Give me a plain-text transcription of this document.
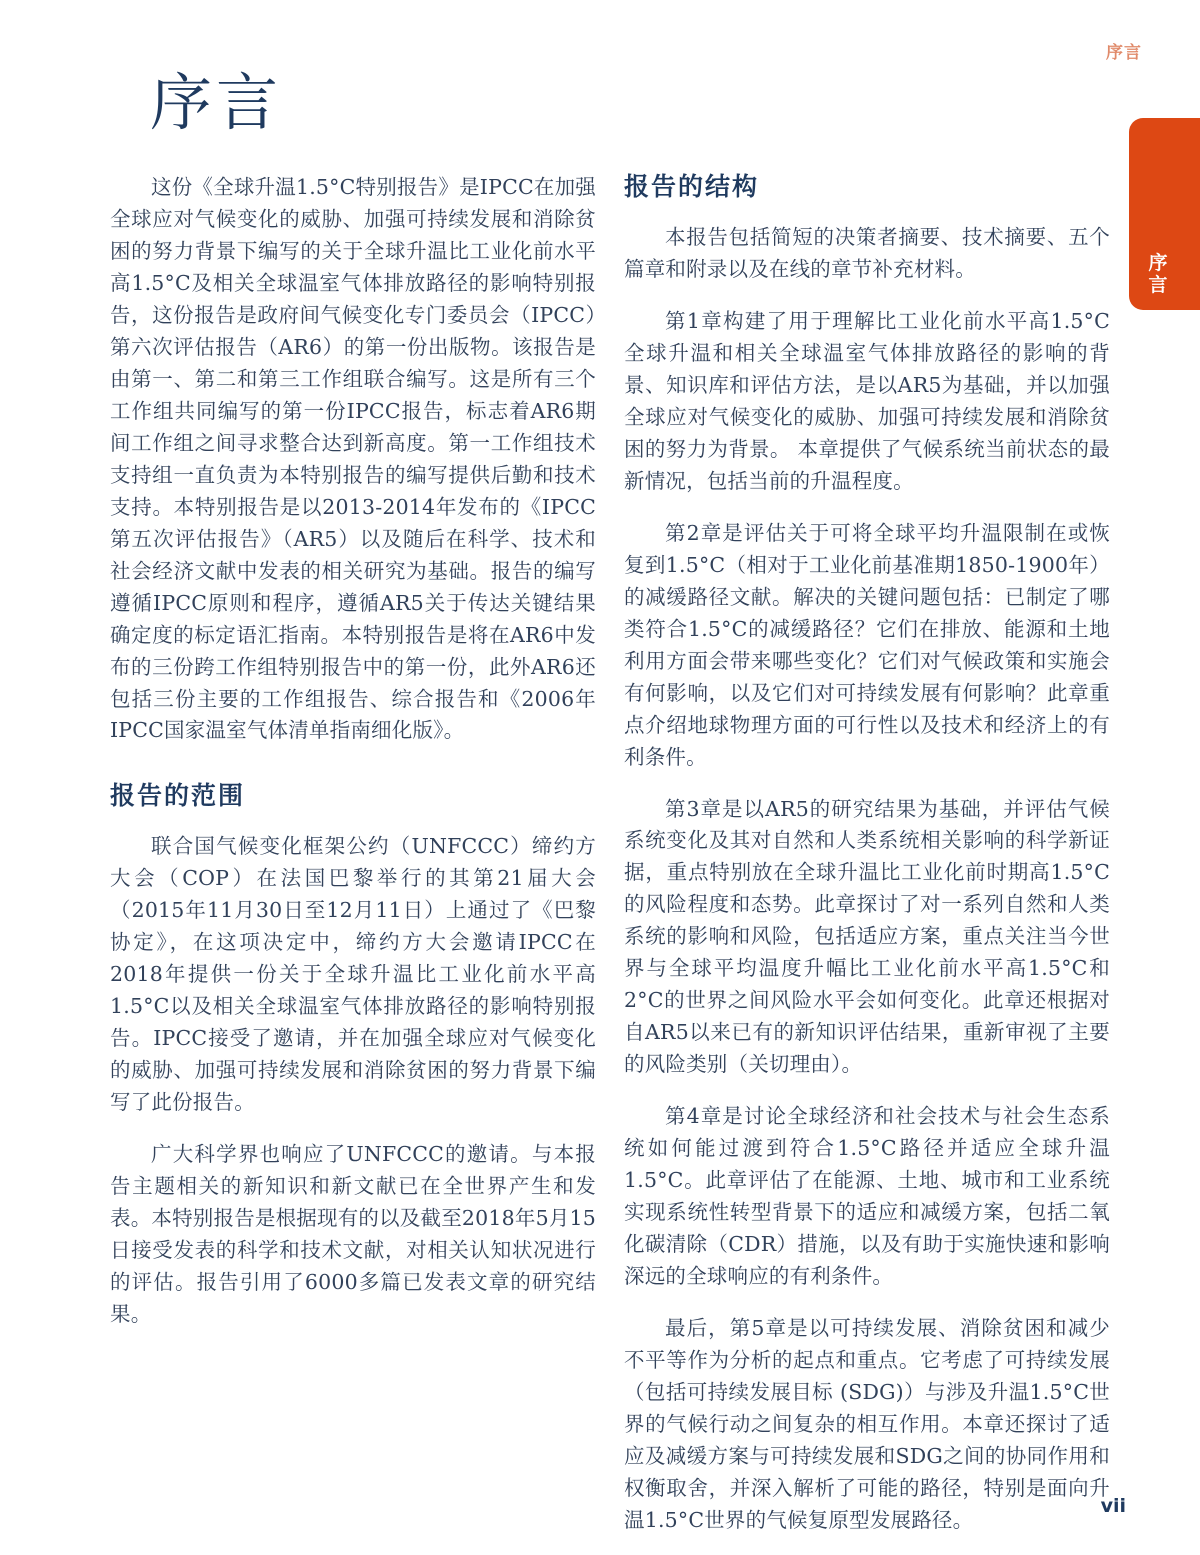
序言
序
言
序言

这份《全球升温1.5°C特别报告》是IPCC在加强全球应对气候变化的威胁、加强可持续发展和消除贫困的努力背景下编写的关于全球升温比工业化前水平高1.5°C及相关全球温室气体排放路径的影响特别报告，这份报告是政府间气候变化专门委员会（IPCC）第六次评估报告（AR6）的第一份出版物。该报告是由第一、第二和第三工作组联合编写。这是所有三个工作组共同编写的第一份IPCC报告，标志着AR6期间工作组之间寻求整合达到新高度。第一工作组技术支持组一直负责为本特别报告的编写提供后勤和技术支持。本特别报告是以2013-2014年发布的《IPCC第五次评估报告》（AR5）以及随后在科学、技术和社会经济文献中发表的相关研究为基础。报告的编写遵循IPCC原则和程序，遵循AR5关于传达关键结果确定度的标定语汇指南。本特别报告是将在AR6中发布的三份跨工作组特别报告中的第一份，此外AR6还包括三份主要的工作组报告、综合报告和《2006年IPCC国家温室气体清单指南细化版》。

报告的范围

联合国气候变化框架公约（UNFCCC）缔约方大会（COP）在法国巴黎举行的其第21届大会（2015年11月30日至12月11日）上通过了《巴黎协定》，在这项决定中，缔约方大会邀请IPCC在 2018年提供一份关于全球升温比工业化前水平高1.5°C以及相关全球温室气体排放路径的影响特别报告。IPCC接受了邀请，并在加强全球应对气候变化的威胁、加强可持续发展和消除贫困的努力背景下编写了此份报告。

广大科学界也响应了UNFCCC的邀请。与本报告主题相关的新知识和新文献已在全世界产生和发表。本特别报告是根据现有的以及截至2018年5月15日接受发表的科学和技术文献，对相关认知状况进行的评估。报告引用了6000多篇已发表文章的研究结果。

报告的结构

本报告包括简短的决策者摘要、技术摘要、五个篇章和附录以及在线的章节补充材料。

第1章构建了用于理解比工业化前水平高1.5°C全球升温和相关全球温室气体排放路径的影响的背景、知识库和评估方法，是以AR5为基础，并以加强全球应对气候变化的威胁、加强可持续发展和消除贫困的努力为背景。 本章提供了气候系统当前状态的最新情况，包括当前的升温程度。

第2章是评估关于可将全球平均升温限制在或恢复到1.5°C（相对于工业化前基准期1850-1900年）的减缓路径文献。解决的关键问题包括：已制定了哪类符合1.5°C的减缓路径？它们在排放、能源和土地利用方面会带来哪些变化？它们对气候政策和实施会有何影响，以及它们对可持续发展有何影响？此章重点介绍地球物理方面的可行性以及技术和经济上的有利条件。

第3章是以AR5的研究结果为基础，并评估气候系统变化及其对自然和人类系统相关影响的科学新证据，重点特别放在全球升温比工业化前时期高1.5°C的风险程度和态势。此章探讨了对一系列自然和人类系统的影响和风险，包括适应方案，重点关注当今世界与全球平均温度升幅比工业化前水平高1.5°C和2°C的世界之间风险水平会如何变化。此章还根据对自AR5以来已有的新知识评估结果，重新审视了主要的风险类别（关切理由）。

第4章是讨论全球经济和社会技术与社会生态系统如何能过渡到符合1.5°C路径并适应全球升温1.5°C。此章评估了在能源、土地、城市和工业系统实现系统性转型背景下的适应和减缓方案，包括二氧化碳清除（CDR）措施，以及有助于实施快速和影响深远的全球响应的有利条件。

最后，第5章是以可持续发展、消除贫困和减少不平等作为分析的起点和重点。它考虑了可持续发展（包括可持续发展目标 (SDG)）与涉及升温1.5°C世界的气候行动之间复杂的相互作用。本章还探讨了适应及减缓方案与可持续发展和SDG之间的协同作用和权衡取舍，并深入解析了可能的路径，特别是面向升温1.5°C世界的气候复原型发展路径。

vii
